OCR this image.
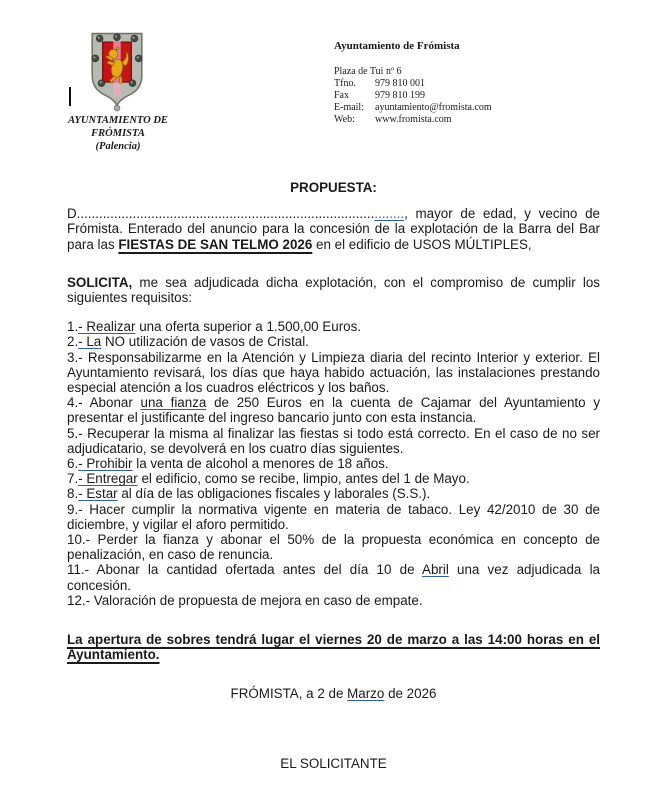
AYUNTAMIENTO DE
FRÓMISTA
(Palencia)
Ayuntamiento de Frómista
Plaza de Tui nº 6
Tfno.	979 810 001
Fax	979 810 199
E-mail:	ayuntamiento@fromista.com
Web:	www.fromista.com

PROPUESTA:

D........................................................................................, mayor de edad, y vecino de Frómista. Enterado del anuncio para la concesión de la explotación de la Barra del Bar para las FIESTAS DE SAN TELMO 2026 en el edificio de USOS MÚLTIPLES,

SOLICITA, me sea adjudicada dicha explotación, con el compromiso de cumplir los siguientes requisitos:

1.- Realizar una oferta superior a 1.500,00 Euros.

2.- La NO utilización de vasos de Cristal.

3.- Responsabilizarme en la Atención y Limpieza diaria del recinto Interior y exterior. El Ayuntamiento revisará, los días que haya habido actuación, las instalaciones prestando especial atención a los cuadros eléctricos y los baños.

4.- Abonar una fianza de 250 Euros en la cuenta de Cajamar del Ayuntamiento y presentar el justificante del ingreso bancario junto con esta instancia.

5.- Recuperar la misma al finalizar las fiestas si todo está correcto. En el caso de no ser adjudicatario, se devolverá en los cuatro días siguientes.

6.- Prohibir la venta de alcohol a menores de 18 años.

7.- Entregar el edificio, como se recibe, limpio, antes del 1 de Mayo.

8.- Estar al día de las obligaciones fiscales y laborales (S.S.).

9.- Hacer cumplir la normativa vigente en materia de tabaco. Ley 42/2010 de 30 de diciembre, y vigilar el aforo permitido.

10.- Perder la fianza y abonar el 50% de la propuesta económica en concepto de penalización, en caso de renuncia.

11.- Abonar la cantidad ofertada antes del día 10 de Abril una vez adjudicada la concesión.

12.- Valoración de propuesta de mejora en caso de empate.

La apertura de sobres tendrá lugar el viernes 20 de marzo a las 14:00 horas en el Ayuntamiento.

FRÓMISTA, a 2 de Marzo de 2026

EL SOLICITANTE
